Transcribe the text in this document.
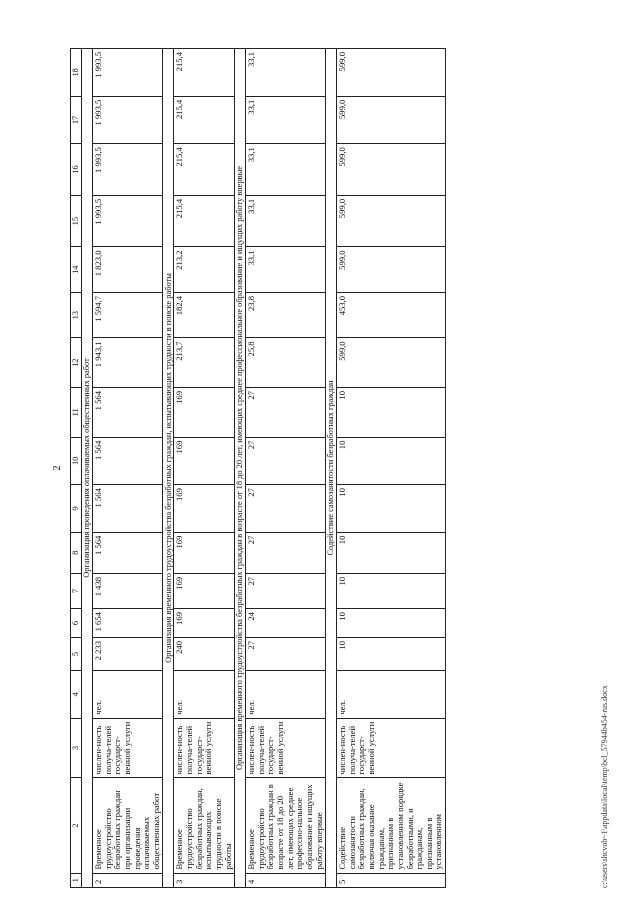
2
1	2	3	4	5	6	7	8	9	10	11	12	13	14	15	16	17	18
Организация проведения оплачиваемых общественных работ																	
2	Временное трудоустройство безработных граждан при организации проведения оплачиваемых общественных работ	числен-ность получа-телей государст-венной услуги	чел.	2 233	1 654	1 438	1 564	1 564	1 564	1 564	1 943,1	1 594,7	1 823,0	1 993,5	1 993,5	1 993,5	1 993,5
Организация временного трудоустройства безработных граждан, испытывающих трудности в поиске работы																	
3	Временное трудоустройство безработных граждан, испытывающих трудности в поиске работы	числен-ность получа-телей государст-венной услуги	чел.	240	169	169	169	169	169	169	213,7	182,4	213,2	215,4	215,4	215,4	215,4
Организация временного трудоустройства безработных граждан в возрасте от 18 до 20 лет, имеющих среднее профессиональное образование и ищущих работу впервые																	
4	Временное трудоустройство безработных граждан в возрасте от 18 до 20 лет, имеющих среднее профессио-нальное образование и ищущих работу впервые	числен-ность получа-телей государст-венной услуги	чел.	27	24	27	27	27	27	27	25,8	23,8	33,1	33,1	33,1	33,1	33,1
Содействие самозанятости безработных граждан																	
5	Содействие самозанятости безработных граждан, включая оказание гражданам, признанным в установленном порядке безработными, и гражданам, признанным в установленном	числен-ность получа-телей государст-венной услуги	чел.	10	10	10	10	10	10	10	599,0	453,0	599,0	599,0	599,0	599,0	599,0
c:\users\shcvob~1\appdata\local\temp\bcl_57944b454-rus.docx
